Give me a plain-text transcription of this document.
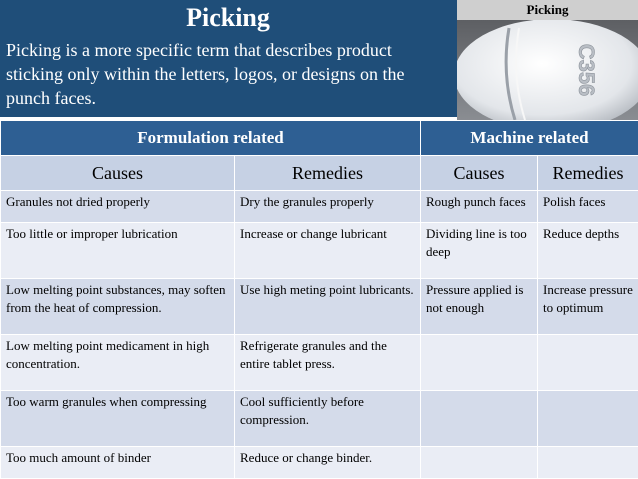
Picking
Picking is a more specific term that describes product sticking only within the letters, logos, or designs on the punch faces.
Picking
C356
Formulation related		Machine related	
Causes	Remedies	Causes	Remedies
Granules not dried properly	Dry the granules properly	Rough punch faces	Polish faces
Too little or improper lubrication	Increase or change lubricant	Dividing line is too deep	Reduce depths
Low melting point substances, may soften from the heat of compression.	Use high meting point lubricants.	Pressure applied is not enough	Increase pressure to optimum
Low melting point medicament in high concentration.	Refrigerate granules and the entire tablet press.		
Too warm granules when compressing	Cool sufficiently before compression.		
Too much amount of binder	Reduce or change binder.		
